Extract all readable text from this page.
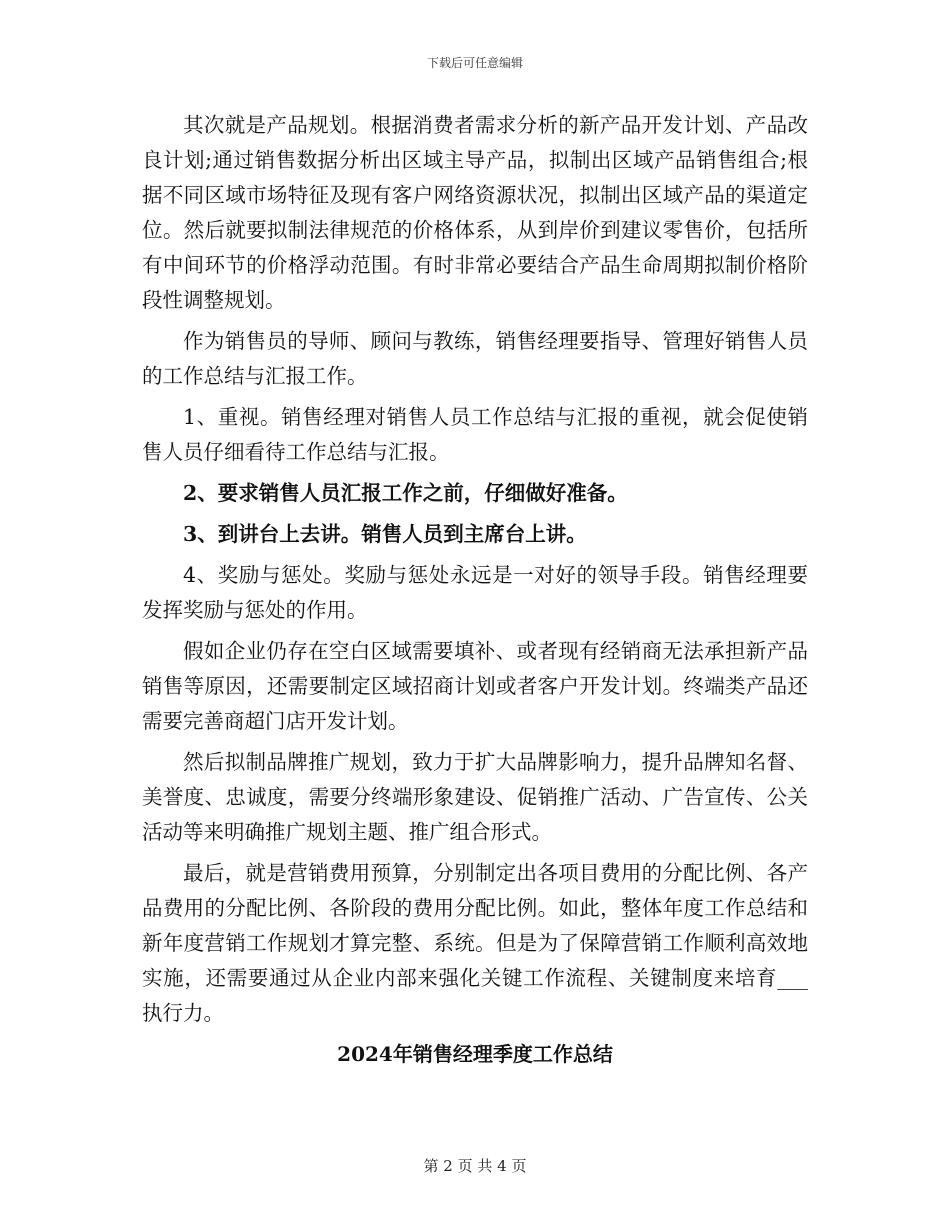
下载后可任意编辑

其次就是产品规划。根据消费者需求分析的新产品开发计划、产品改良计划;通过销售数据分析出区域主导产品，拟制出区域产品销售组合;根据不同区域市场特征及现有客户网络资源状况，拟制出区域产品的渠道定位。然后就要拟制法律规范的价格体系，从到岸价到建议零售价，包括所有中间环节的价格浮动范围。有时非常必要结合产品生命周期拟制价格阶段性调整规划。

作为销售员的导师、顾问与教练，销售经理要指导、管理好销售人员的工作总结与汇报工作。

1、重视。销售经理对销售人员工作总结与汇报的重视，就会促使销售人员仔细看待工作总结与汇报。

2、要求销售人员汇报工作之前，仔细做好准备。

3、到讲台上去讲。销售人员到主席台上讲。

4、奖励与惩处。奖励与惩处永远是一对好的领导手段。销售经理要发挥奖励与惩处的作用。

假如企业仍存在空白区域需要填补、或者现有经销商无法承担新产品销售等原因，还需要制定区域招商计划或者客户开发计划。终端类产品还需要完善商超门店开发计划。

然后拟制品牌推广规划，致力于扩大品牌影响力，提升品牌知名督、美誉度、忠诚度，需要分终端形象建设、促销推广活动、广告宣传、公关活动等来明确推广规划主题、推广组合形式。

最后，就是营销费用预算，分别制定出各项目费用的分配比例、各产品费用的分配比例、各阶段的费用分配比例。如此，整体年度工作总结和新年度营销工作规划才算完整、系统。但是为了保障营销工作顺利高效地实施，还需要通过从企业内部来强化关键工作流程、关键制度来培育___执行力。

2024年销售经理季度工作总结
第 2 页 共 4 页
